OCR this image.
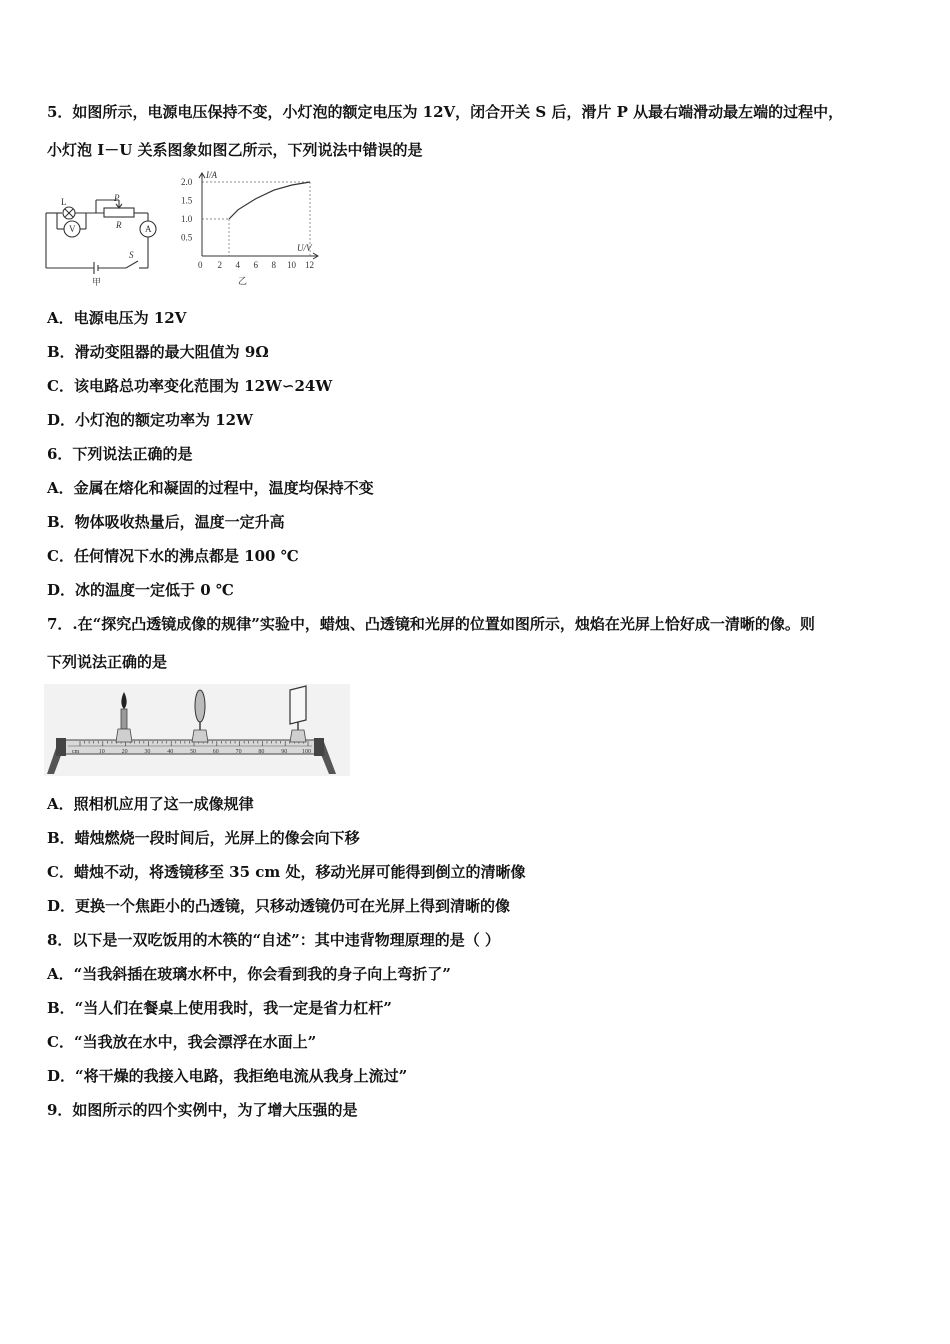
5．如图所示，电源电压保持不变，小灯泡的额定电压为 12V，闭合开关 S 后，滑片 P 从最右端滑动最左端的过程中，
小灯泡 I－U 关系图象如图乙所示，下列说法中错误的是
L	P
R
V	A
S
甲
2.0
1.5
1.0
0.5
0 2 4 6 8 10 12
I/A
U/V
乙
A．电源电压为 12V
B．滑动变阻器的最大阻值为 9Ω
C．该电路总功率变化范围为 12W∽24W
D．小灯泡的额定功率为 12W
6．下列说法正确的是
A．金属在熔化和凝固的过程中，温度均保持不变
B．物体吸收热量后，温度一定升高
C．任何情况下水的沸点都是 100 ℃
D．冰的温度一定低于 0 ℃
7．.在“探究凸透镜成像的规律”实验中，蜡烛、凸透镜和光屏的位置如图所示，烛焰在光屏上恰好成一清晰的像。则
下列说法正确的是
cm	10	20	30	40	50	60	70	80	90 100
A．照相机应用了这一成像规律
B．蜡烛燃烧一段时间后，光屏上的像会向下移
C．蜡烛不动，将透镜移至 35 cm 处，移动光屏可能得到倒立的清晰像
D．更换一个焦距小的凸透镜，只移动透镜仍可在光屏上得到清晰的像
8．以下是一双吃饭用的木筷的“自述”：其中违背物理原理的是（ ）
A．“当我斜插在玻璃水杯中，你会看到我的身子向上弯折了”
B．“当人们在餐桌上使用我时，我一定是省力杠杆”
C．“当我放在水中，我会漂浮在水面上”
D．“将干燥的我接入电路，我拒绝电流从我身上流过”
9．如图所示的四个实例中，为了增大压强的是
